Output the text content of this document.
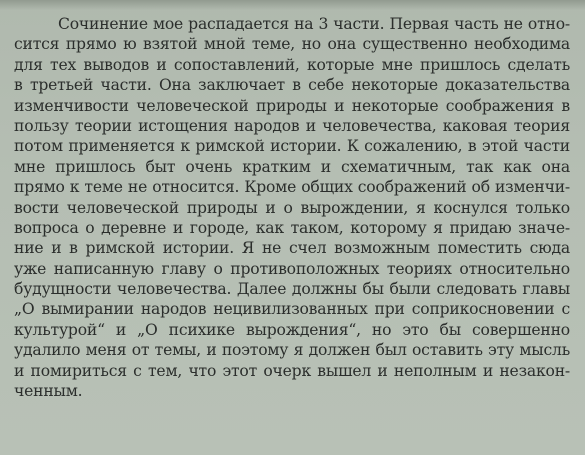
Сочинение мое распадается на 3 части. Первая часть не отно-
сится прямо ю взятой мной теме, но она существенно необходима
для тех выводов и сопоставлений, которые мне пришлось сделать
в третьей части. Она заключает в себе некоторые доказательства
изменчивости человеческой природы и некоторые соображения в
пользу теории истощения народов и человечества, каковая теория
потом применяется к римской истории. К сожалению, в этой части
мне пришлось быт очень кратким и схематичным, так как она
прямо к теме не относится. Кроме общих соображений об изменчи-
вости человеческой природы и о вырождении, я коснулся только
вопроса о деревне и городе, как таком, которому я придаю значе-
ние и в римской истории. Я не счел возможным поместить сюда
уже написанную главу о противоположных теориях относительно
будущности человечества. Далее должны бы были следовать главы
„О вымирании народов нецивилизованных при соприкосновении с
культурой“ и „О психике вырождения“, но это бы совершенно
удалило меня от темы, и поэтому я должен был оставить эту мысль
и помириться с тем, что этот очерк вышел и неполным и незакон-
ченным.
